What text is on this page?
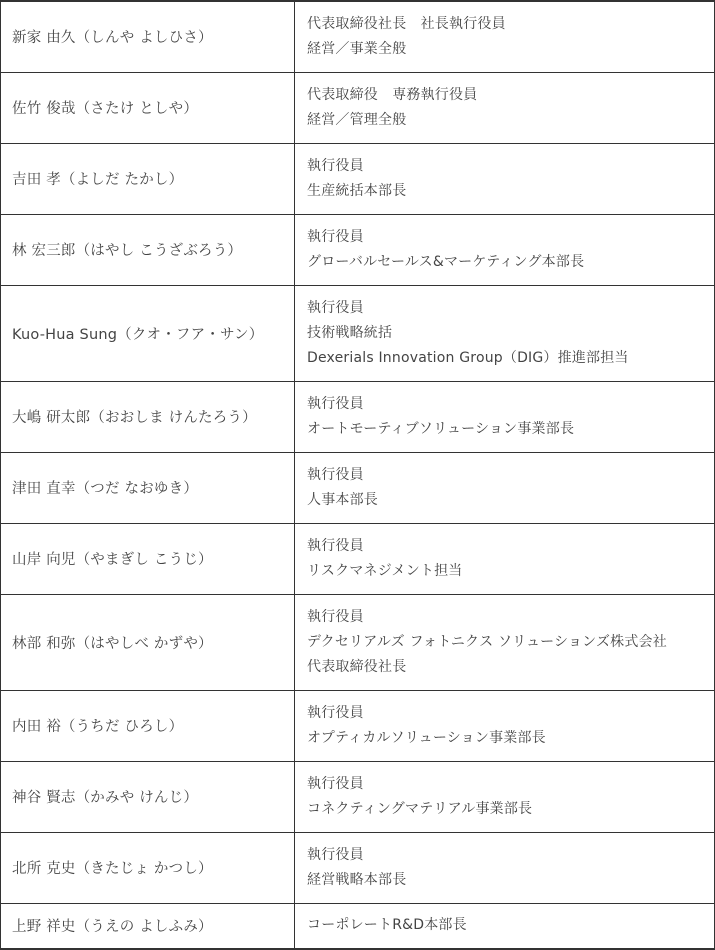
新家 由久（しんや よしひさ）	代表取締役社長　社長執行役員
経営／事業全般

佐竹 俊哉（さたけ としや）	代表取締役　専務執行役員
経営／管理全般

吉田 孝（よしだ たかし）	執行役員
生産統括本部長

林 宏三郎（はやし こうざぶろう）	執行役員
グローバルセールス&マーケティング本部長

Kuo-Hua Sung（クオ・フア・サン）	執行役員
技術戦略統括
Dexerials Innovation Group（DIG）推進部担当

大嶋 研太郎（おおしま けんたろう）	執行役員
オートモーティブソリューション事業部長

津田 直幸（つだ なおゆき）	執行役員
人事本部長

山岸 向児（やまぎし こうじ）	執行役員
リスクマネジメント担当

林部 和弥（はやしべ かずや）	執行役員
デクセリアルズ フォトニクス ソリューションズ株式会社
代表取締役社長

内田 裕（うちだ ひろし）	執行役員
オプティカルソリューション事業部長

神谷 賢志（かみや けんじ）	執行役員
コネクティングマテリアル事業部長

北所 克史（きたじょ かつし）	執行役員
経営戦略本部長

上野 祥史（うえの よしふみ）	コーポレートR&D本部長
